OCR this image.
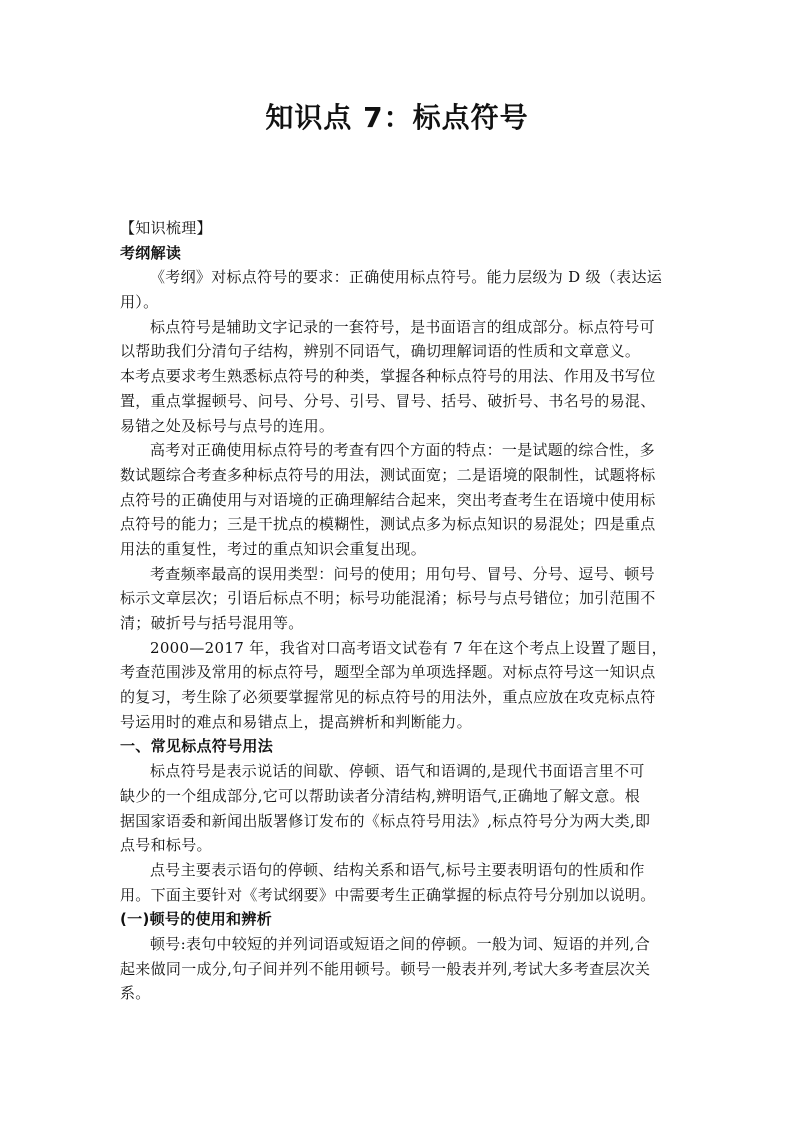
知识点 7：标点符号
【知识梳理】
考纲解读
《考纲》对标点符号的要求：正确使用标点符号。能力层级为 D 级（表达运
用）。
标点符号是辅助文字记录的一套符号，是书面语言的组成部分。标点符号可
以帮助我们分清句子结构，辨别不同语气，确切理解词语的性质和文章意义。
本考点要求考生熟悉标点符号的种类，掌握各种标点符号的用法、作用及书写位
置，重点掌握顿号、问号、分号、引号、冒号、括号、破折号、书名号的易混、
易错之处及标号与点号的连用。
高考对正确使用标点符号的考查有四个方面的特点：一是试题的综合性，多
数试题综合考查多种标点符号的用法，测试面宽；二是语境的限制性，试题将标
点符号的正确使用与对语境的正确理解结合起来，突出考查考生在语境中使用标
点符号的能力；三是干扰点的模糊性，测试点多为标点知识的易混处；四是重点
用法的重复性，考过的重点知识会重复出现。
考查频率最高的误用类型：问号的使用；用句号、冒号、分号、逗号、顿号
标示文章层次；引语后标点不明；标号功能混淆；标号与点号错位；加引范围不
清；破折号与括号混用等。
2000—2017 年，我省对口高考语文试卷有 7 年在这个考点上设置了题目，
考查范围涉及常用的标点符号，题型全部为单项选择题。对标点符号这一知识点
的复习，考生除了必须要掌握常见的标点符号的用法外，重点应放在攻克标点符
号运用时的难点和易错点上，提高辨析和判断能力。
一、常见标点符号用法
标点符号是表示说话的间歇、停顿、语气和语调的,是现代书面语言里不可
缺少的一个组成部分,它可以帮助读者分清结构,辨明语气,正确地了解文意。根
据国家语委和新闻出版署修订发布的《标点符号用法》,标点符号分为两大类,即
点号和标号。
点号主要表示语句的停顿、结构关系和语气,标号主要表明语句的性质和作
用。下面主要针对《考试纲要》中需要考生正确掌握的标点符号分别加以说明。
(一)顿号的使用和辨析
顿号:表句中较短的并列词语或短语之间的停顿。一般为词、短语的并列,合
起来做同一成分,句子间并列不能用顿号。顿号一般表并列,考试大多考查层次关
系。
